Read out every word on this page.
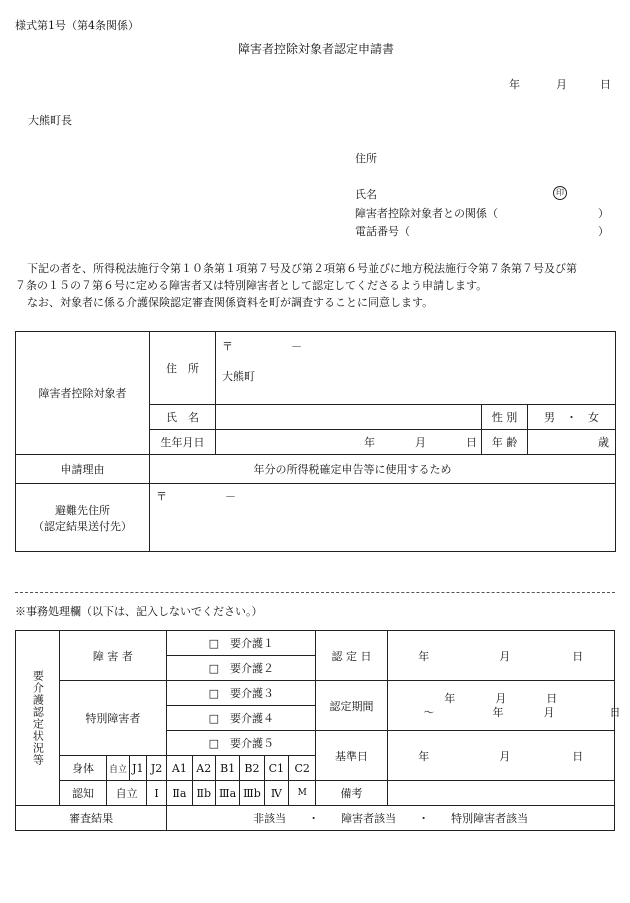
様式第1号（第4条関係）
障害者控除対象者認定申請書
年	月	日
大熊町長
住所
氏名	印
障害者控除対象者との関係（	）
電話番号（	）
下記の者を、所得税法施行令第１０条第１項第７号及び第２項第６号並びに地方税法施行令第７条第７号及び第
７条の１５の７第６号に定める障害者又は特別障害者として認定してくださるよう申請します。
なお、対象者に係る介護保険認定審査関係資料を町が調査することに同意します。
障害者控除対象者	住　所	〒 －
大熊町		

	氏　名		性 別	男　・　女
	生年月日	年 月 日	年 齢	歳
申請理由	年分の所得税確定申告等に使用するため			

避難先住所
（認定結果送付先）	〒 －			
※事務処理欄（以下は、記入しないでください。）
要介護認定状況等	障 害 者				□　要介護１						認 定 日	年 月 日
					□　要介護２							
	特別障害者				□　要介護３						認定期間	年 月 日
～ 年 月 日

					□　要介護４							
					□　要介護５						基準日	年 月 日
	身体	自立	J1	J2	A1	A2	B1	B2	C1	C2		
	認知	自立		Ⅰ	Ⅱa	Ⅱb	Ⅲa	Ⅲb	Ⅳ	M	備考	
審査結果					非該当　　・　　障害者該当　　・　　特別障害者該当							
